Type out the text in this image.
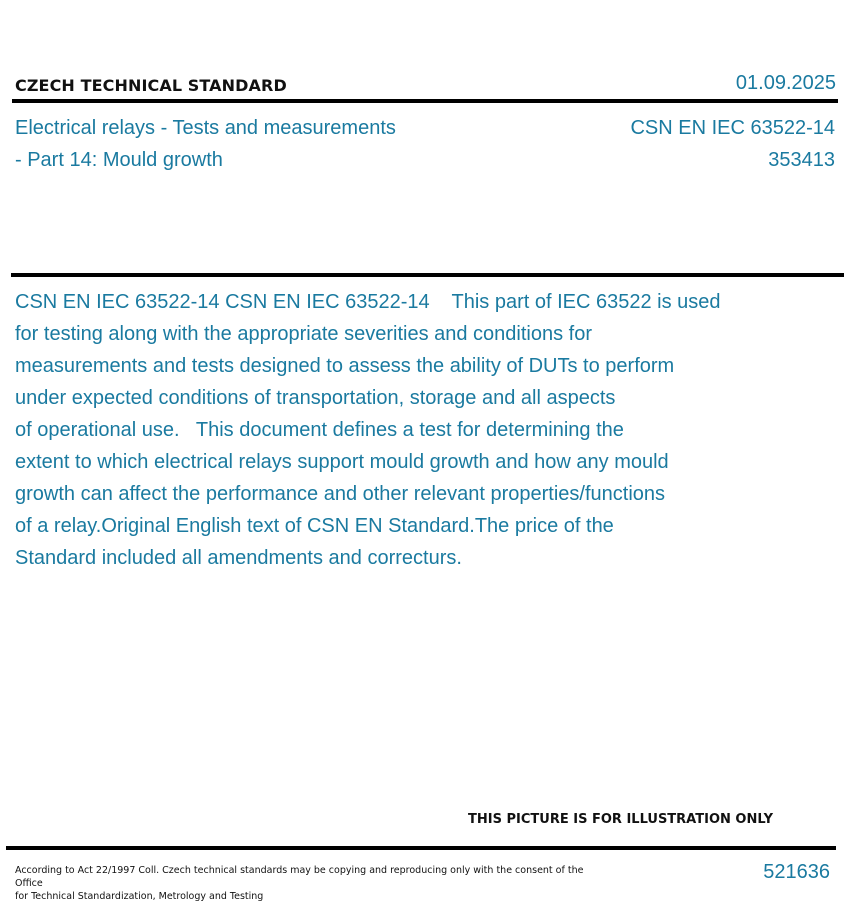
CZECH TECHNICAL STANDARD	01.09.2025
Electrical relays - Tests and measurements
- Part 14: Mould growth
CSN EN IEC 63522-14
353413
CSN EN IEC 63522-14 CSN EN IEC 63522-14    This part of IEC 63522 is used
for testing along with the appropriate severities and conditions for
measurements and tests designed to assess the ability of DUTs to perform
under expected conditions of transportation, storage and all aspects
of operational use.   This document defines a test for determining the
extent to which electrical relays support mould growth and how any mould
growth can affect the performance and other relevant properties/functions
of a relay.Original English text of CSN EN Standard.The price of the
Standard included all amendments and correcturs.
THIS PICTURE IS FOR ILLUSTRATION ONLY
According to Act 22/1997 Coll. Czech technical standards may be copying and reproducing only with the consent of the Office
for Technical Standardization, Metrology and Testing
521636
